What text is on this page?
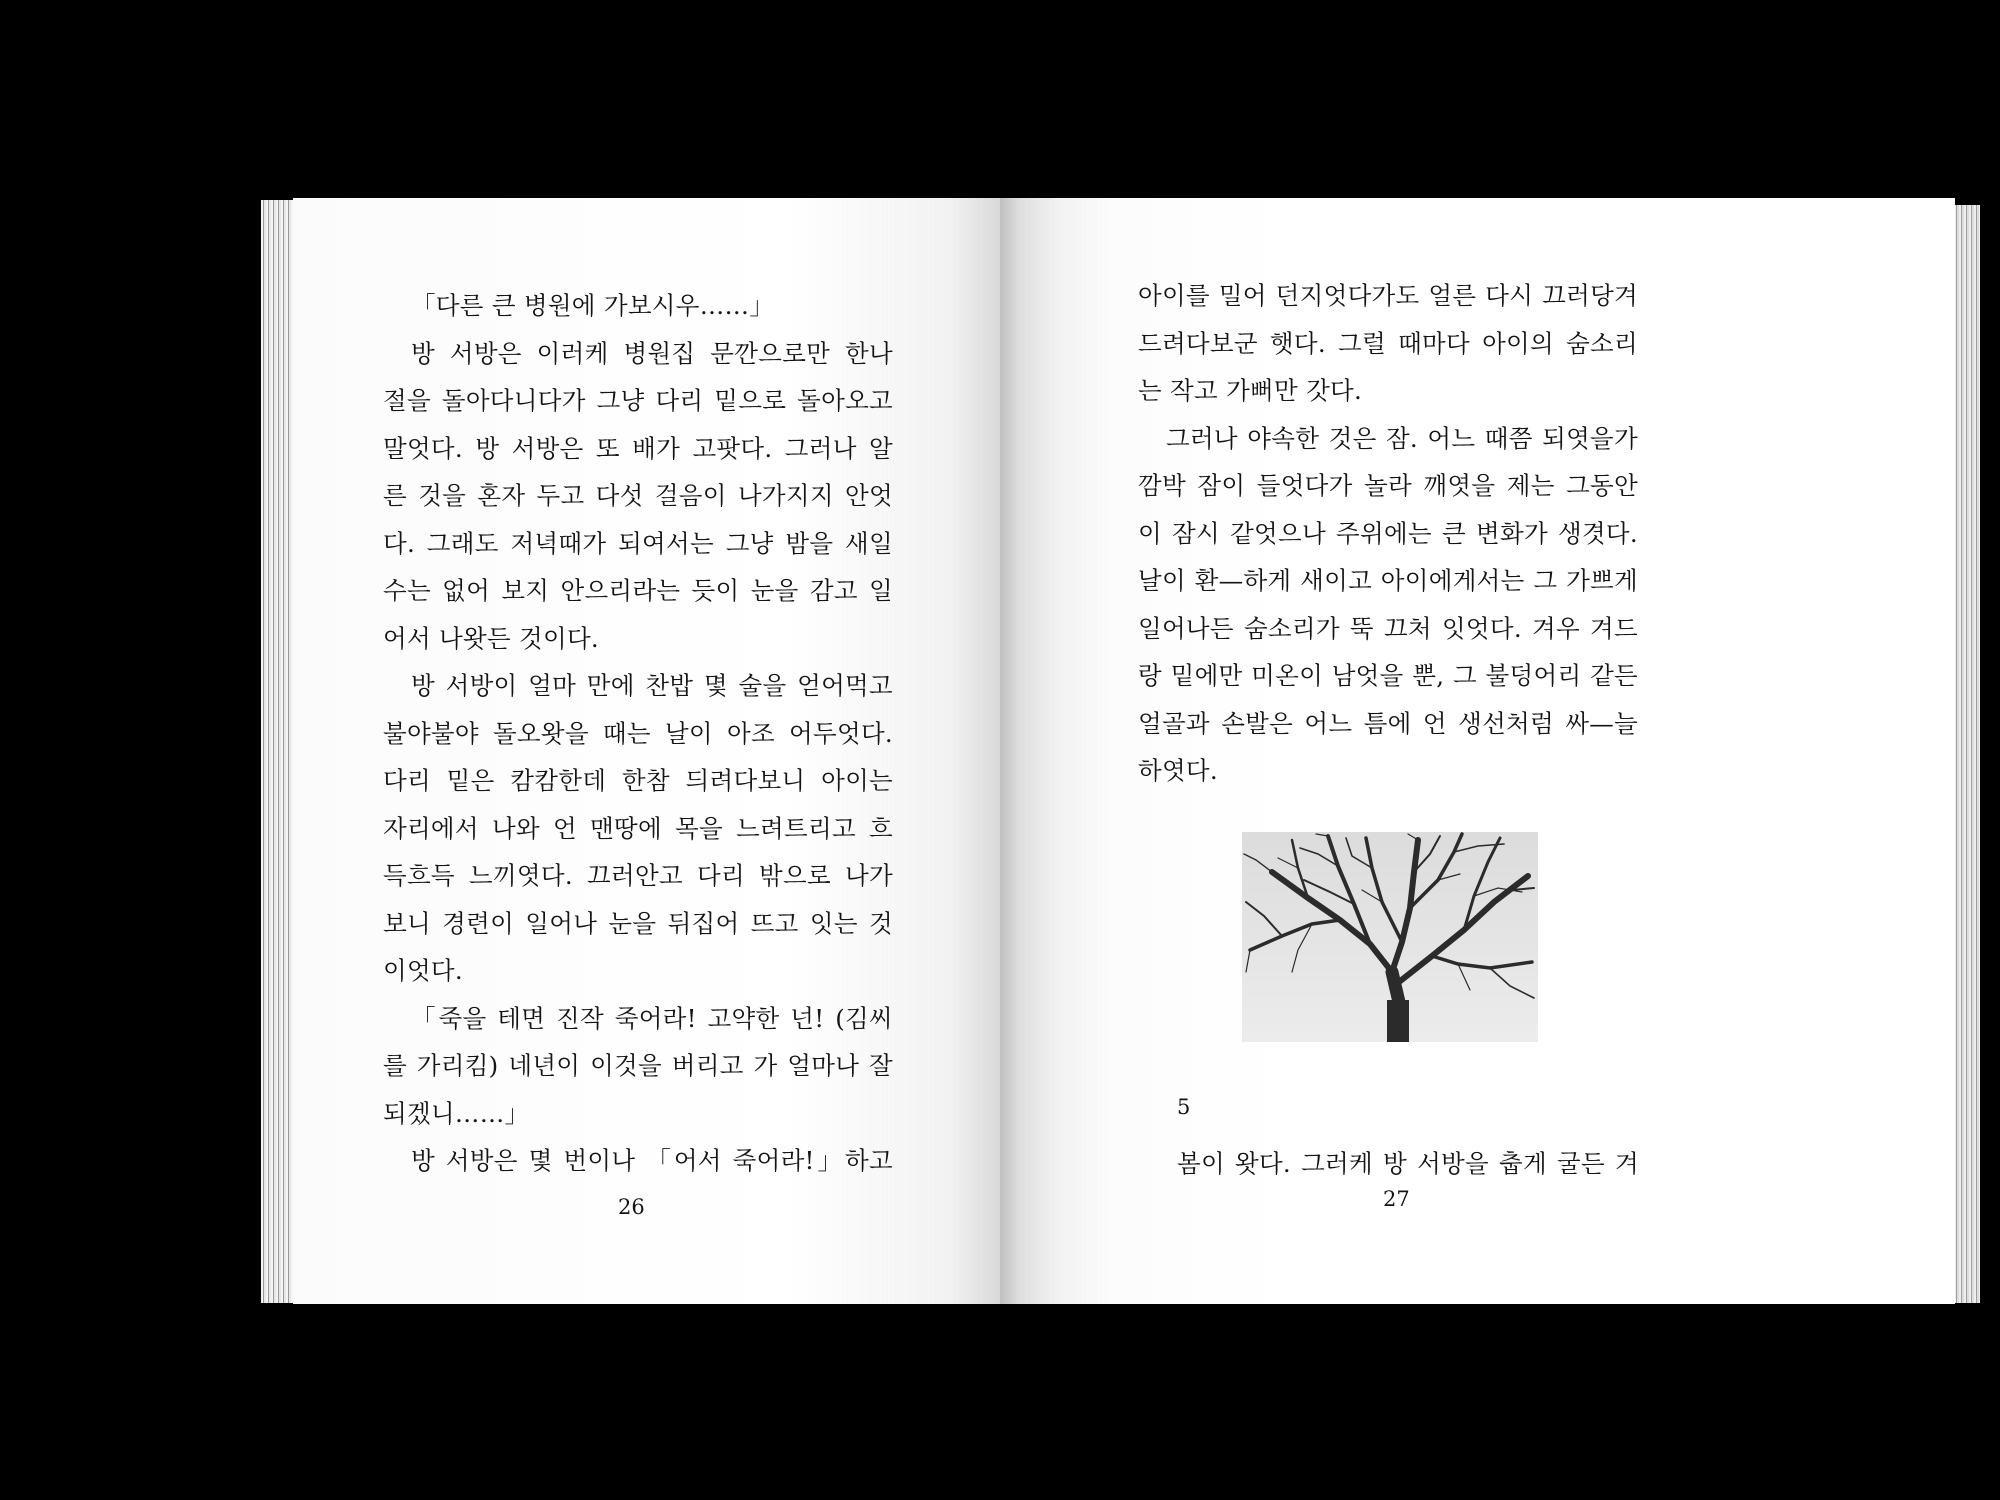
「다른 큰 병원에 가보시우……」
방 서방은 이러케 병원집 문깐으로만 한나
절을 돌아다니다가 그냥 다리 밑으로 돌아오고
말엇다. 방 서방은 또 배가 고팟다. 그러나 알
른 것을 혼자 두고 다섯 걸음이 나가지지 안엇
다. 그래도 저녁때가 되여서는 그냥 밤을 새일
수는 없어 보지 안으리라는 듯이 눈을 감고 일
어서 나왓든 것이다.
방 서방이 얼마 만에 찬밥 몇 술을 얻어먹고
불야불야 돌오왓을 때는 날이 아조 어두엇다.
다리 밑은 캄캄한데 한참 듸려다보니 아이는
자리에서 나와 언 맨땅에 목을 느려트리고 흐
득흐득 느끼엿다. 끄러안고 다리 밖으로 나가
보니 경련이 일어나 눈을 뒤집어 뜨고 잇는 것
이엇다.
「죽을 테면 진작 죽어라! 고약한 넌! (김씨
를 가리킴) 네년이 이것을 버리고 가 얼마나 잘
되겠니……」
방 서방은 몇 번이나 「어서 죽어라!」하고
26
아이를 밀어 던지엇다가도 얼른 다시 끄러당겨
드려다보군 햇다. 그럴 때마다 아이의 숨소리
는 작고 가뻐만 갓다.
그러나 야속한 것은 잠. 어느 때쯤 되엿을가
깜박 잠이 들엇다가 놀라 깨엿을 제는 그동안
이 잠시 같엇으나 주위에는 큰 변화가 생겻다.
날이 환—하게 새이고 아이에게서는 그 가쁘게
일어나든 숨소리가 뚝 끄처 잇엇다. 겨우 겨드
랑 밑에만 미온이 남엇을 뿐, 그 불덩어리 같든
얼골과 손발은 어느 틈에 언 생선처럼 싸—늘
하엿다.
5
봄이 왓다. 그러케 방 서방을 춥게 굴든 겨
27
